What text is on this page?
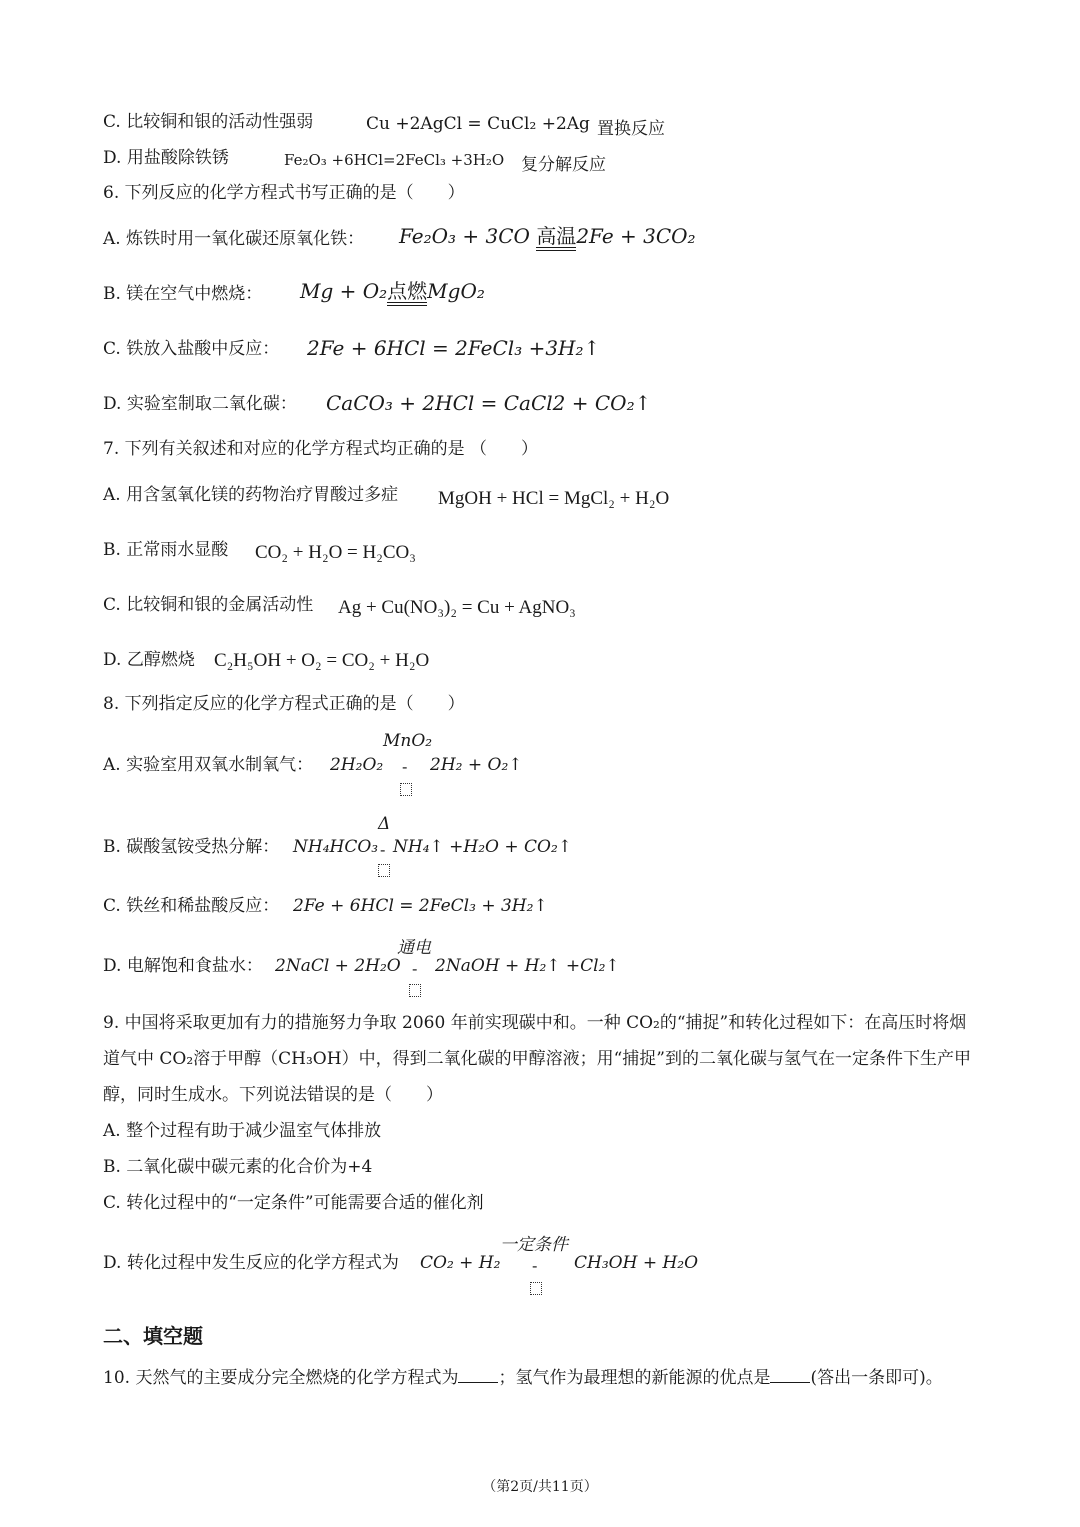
C. 比较铜和银的活动性强弱	Cu +2AgCl = CuCl₂ +2Ag 置换反应
D. 用盐酸除铁锈	Fe₂O₃ +6HCl=2FeCl₃ +3H₂O 复分解反应
6. 下列反应的化学方程式书写正确的是（　　）
A. 炼铁时用一氧化碳还原氧化铁： Fe₂O₃ + 3CO 高温2Fe + 3CO₂
B. 镁在空气中燃烧： Mg + O₂点燃MgO₂
C. 铁放入盐酸中反应： 2Fe + 6HCl = 2FeCl₃ +3H₂↑
D. 实验室制取二氧化碳： CaCO₃ + 2HCl = CaCl2 + CO₂↑
7. 下列有关叙述和对应的化学方程式均正确的是 （　　）
A. 用含氢氧化镁的药物治疗胃酸过多症 MgOH + HCl = MgCl₂ + H₂O
B. 正常雨水显酸 CO₂ + H₂O = H₂CO₃
C. 比较铜和银的金属活动性 Ag + Cu(NO₃)₂ = Cu + AgNO₃
D. 乙醇燃烧 C₂H₅OH + O₂ = CO₂ + H₂O
8. 下列指定反应的化学方程式正确的是（　　）
A. 实验室用双氧水制氧气： 2H₂O₂
MnO₂
- 2H₂ + O₂↑
B. 碳酸氢铵受热分解： NH₄HCO₃
Δ
- NH₄↑ +H₂O + CO₂↑
C. 铁丝和稀盐酸反应： 2Fe + 6HCl = 2FeCl₃ + 3H₂↑
D. 电解饱和食盐水： 2NaCl + 2H₂O
通电
- 2NaOH + H₂↑ +Cl₂↑
9. 中国将采取更加有力的措施努力争取 2060 年前实现碳中和。一种 CO₂的“捕捉”和转化过程如下：在高压时将烟道气中 CO₂溶于甲醇（CH₃OH）中，得到二氧化碳的甲醇溶液；用“捕捉”到的二氧化碳与氢气在一定条件下生产甲醇，同时生成水。下列说法错误的是（　　）
A. 整个过程有助于减少温室气体排放
B. 二氧化碳中碳元素的化合价为+4
C. 转化过程中的“一定条件”可能需要合适的催化剂
D. 转化过程中发生反应的化学方程式为 CO₂ + H₂
一定条件
- CH₃OH + H₂O
二、填空题
10. 天然气的主要成分完全燃烧的化学方程式为 ；氢气作为最理想的新能源的优点是 (答出一条即可)。
（第2页/共11页）
